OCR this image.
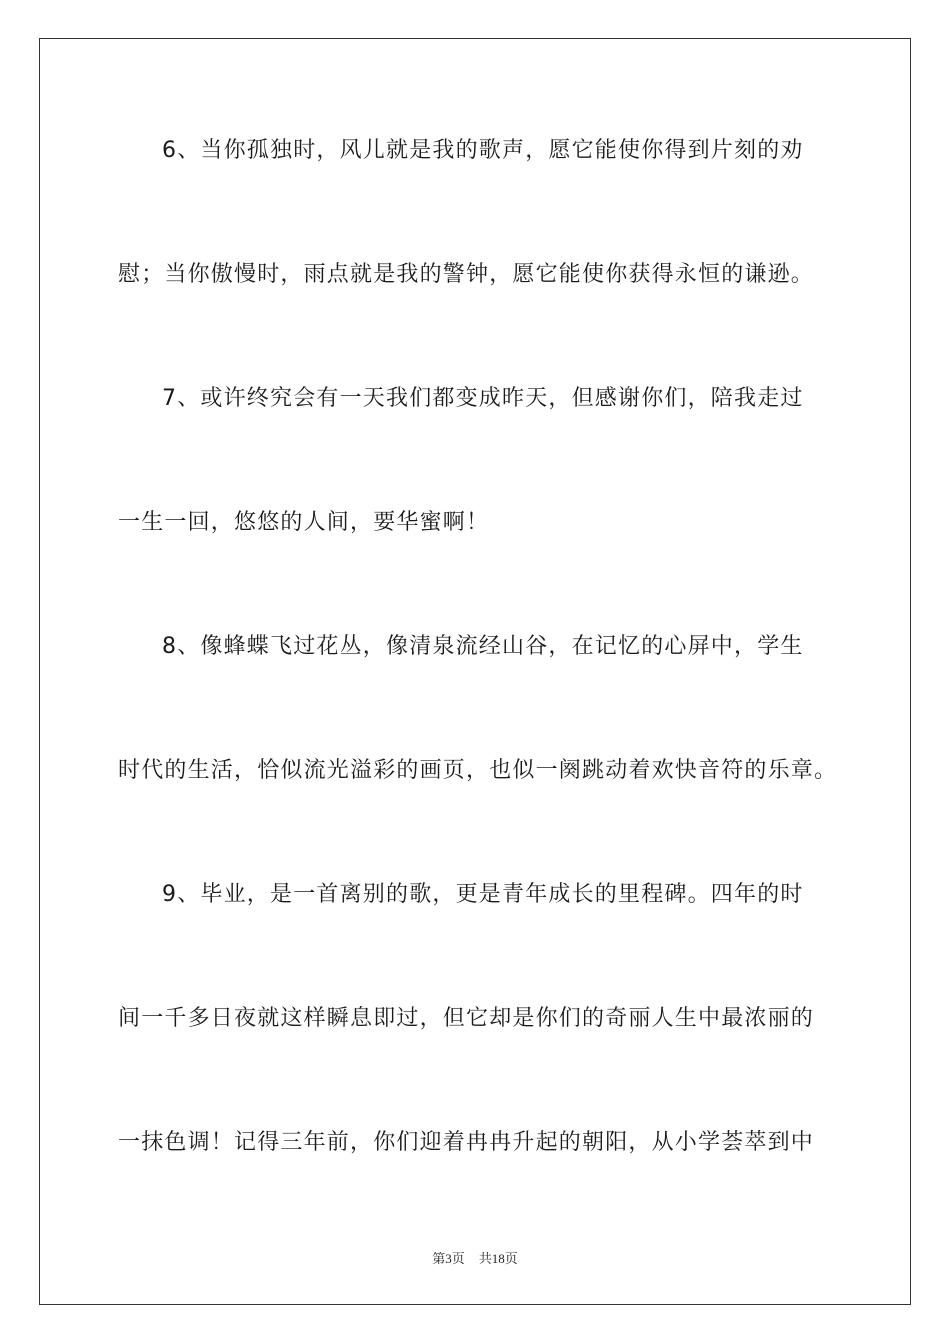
6、当你孤独时，风儿就是我的歌声，愿它能使你得到片刻的劝
慰；当你傲慢时，雨点就是我的警钟，愿它能使你获得永恒的谦逊。
7、或许终究会有一天我们都变成昨天，但感谢你们，陪我走过
一生一回，悠悠的人间，要华蜜啊！
8、像蜂蝶飞过花丛，像清泉流经山谷，在记忆的心屏中，学生
时代的生活，恰似流光溢彩的画页，也似一阕跳动着欢快音符的乐章。
9、毕业，是一首离别的歌，更是青年成长的里程碑。四年的时
间一千多日夜就这样瞬息即过，但它却是你们的奇丽人生中最浓丽的
一抹色调！记得三年前，你们迎着冉冉升起的朝阳，从小学荟萃到中
第3页 共18页
